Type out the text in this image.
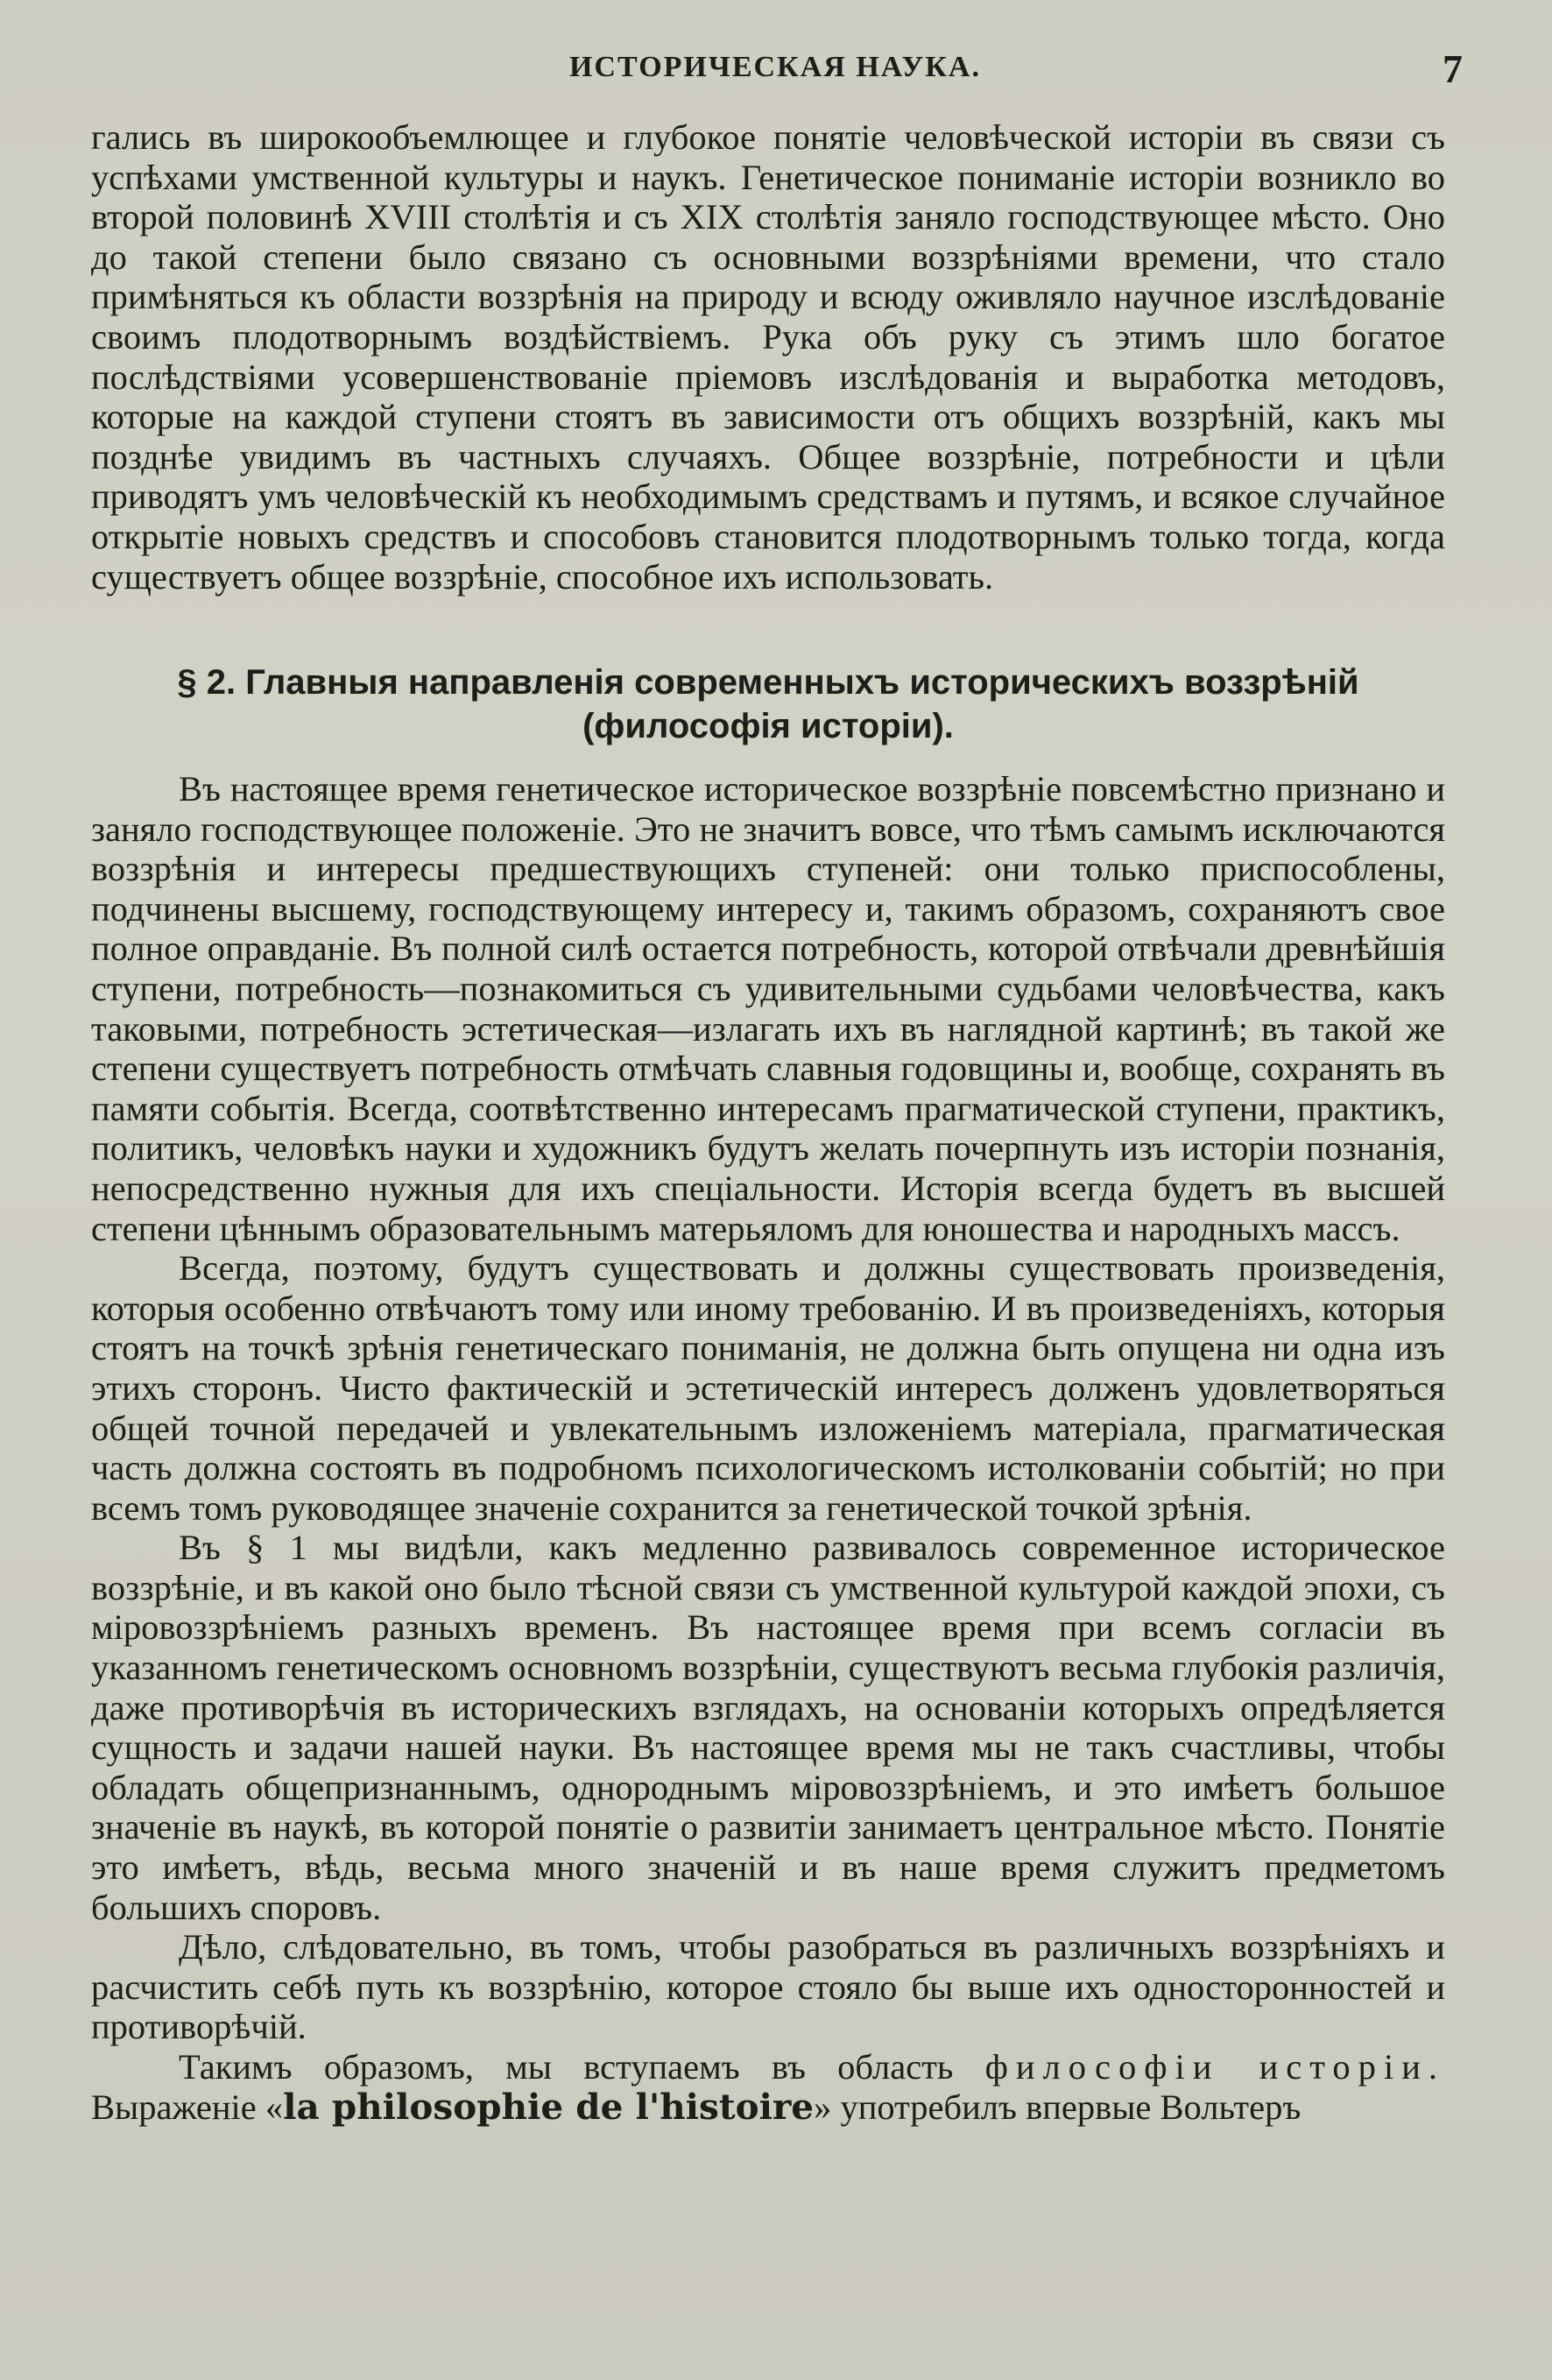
ИСТОРИЧЕСКАЯ НАУКА.	7

гались въ широкообъемлющее и глубокое понятіе человѣческой исторіи въ связи съ успѣхами умственной культуры и наукъ. Генетическое пониманіе исторіи возникло во второй половинѣ XVIII столѣтія и съ XIX столѣтія заняло господствующее мѣсто. Оно до такой степени было связано съ основными воззрѣніями времени, что стало примѣняться къ области воззрѣнія на природу и всюду оживляло научное изслѣдованіе своимъ плодотворнымъ воздѣйствіемъ. Рука объ руку съ этимъ шло богатое послѣдствіями усовершенствованіе пріемовъ изслѣдованія и выработка методовъ, которые на каждой ступени стоятъ въ зависимости отъ общихъ воззрѣній, какъ мы позднѣе увидимъ въ частныхъ случаяхъ. Общее воззрѣніе, потребности и цѣли приводятъ умъ человѣческій къ необходимымъ средствамъ и путямъ, и всякое случайное открытіе новыхъ средствъ и способовъ становится плодотворнымъ только тогда, когда существуетъ общее воззрѣніе, способное ихъ использовать.

§ 2. Главныя направленія современныхъ историческихъ воззрѣній (философія исторіи).

Въ настоящее время генетическое историческое воззрѣніе повсемѣстно признано и заняло господствующее положеніе. Это не значитъ вовсе, что тѣмъ самымъ исключаются воззрѣнія и интересы предшествующихъ ступеней: они только приспособлены, подчинены высшему, господствующему интересу и, такимъ образомъ, сохраняютъ свое полное оправданіе. Въ полной силѣ остается потребность, которой отвѣчали древнѣйшія ступени, потребность—познакомиться съ удивительными судьбами человѣчества, какъ таковыми, потребность эстетическая—излагать ихъ въ наглядной картинѣ; въ такой же степени существуетъ потребность отмѣчать славныя годовщины и, вообще, сохранять въ памяти событія. Всегда, соотвѣтственно интересамъ прагматической ступени, практикъ, политикъ, человѣкъ науки и художникъ будутъ желать почерпнуть изъ исторіи познанія, непосредственно нужныя для ихъ спеціальности. Исторія всегда будетъ въ высшей степени цѣннымъ образовательнымъ матерьяломъ для юношества и народныхъ массъ.

Всегда, поэтому, будутъ существовать и должны существовать произведенія, которыя особенно отвѣчаютъ тому или иному требованію. И въ произведеніяхъ, которыя стоятъ на точкѣ зрѣнія генетическаго пониманія, не должна быть опущена ни одна изъ этихъ сторонъ. Чисто фактическій и эстетическій интересъ долженъ удовлетворяться общей точной передачей и увлекательнымъ изложеніемъ матеріала, прагматическая часть должна состоять въ подробномъ психологическомъ истолкованіи событій; но при всемъ томъ руководящее значеніе сохранится за генетической точкой зрѣнія.

Въ § 1 мы видѣли, какъ медленно развивалось современное историческое воззрѣніе, и въ какой оно было тѣсной связи съ умственной культурой каждой эпохи, съ міровоззрѣніемъ разныхъ временъ. Въ настоящее время при всемъ согласіи въ указанномъ генетическомъ основномъ воззрѣніи, существуютъ весьма глубокія различія, даже противорѣчія въ историческихъ взглядахъ, на основаніи которыхъ опредѣляется сущность и задачи нашей науки. Въ настоящее время мы не такъ счастливы, чтобы обладать общепризнаннымъ, однороднымъ міровоззрѣніемъ, и это имѣетъ большое значеніе въ наукѣ, въ которой понятіе о развитіи занимаетъ центральное мѣсто. Понятіе это имѣетъ, вѣдь, весьма много значеній и въ наше время служитъ предметомъ большихъ споровъ.

Дѣло, слѣдовательно, въ томъ, чтобы разобраться въ различныхъ воззрѣніяхъ и расчистить себѣ путь къ воззрѣнію, которое стояло бы выше ихъ односторонностей и противорѣчій.

Такимъ образомъ, мы вступаемъ въ область философіи исторіи. Выраженіе «la philosophie de l'histoire» употребилъ впервые Вольтеръ
